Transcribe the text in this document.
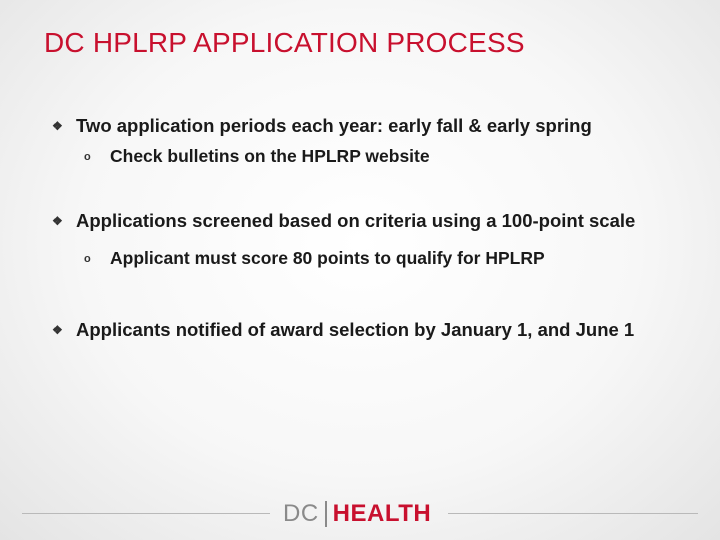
DC HPLRP APPLICATION PROCESS
❖ Two application periods each year: early fall & early spring
o	Check bulletins on the HPLRP website
❖ Applications screened based on criteria using a 100-point scale
o	Applicant must score 80 points to qualify for HPLRP
❖ Applicants notified of award selection by January 1, and June 1
DC HEALTH
